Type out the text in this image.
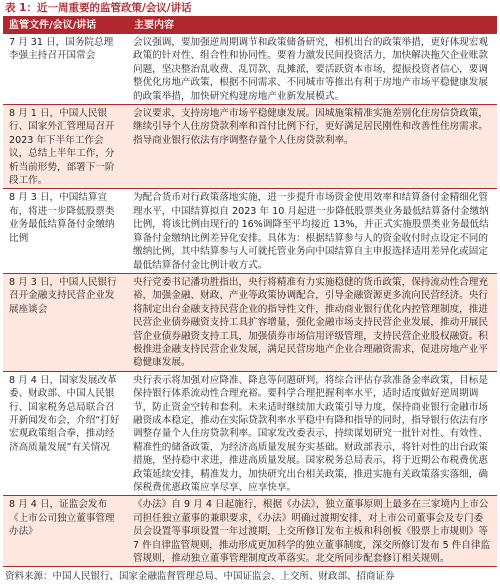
表 1：近一周重要的监管政策/会议/讲话
监管文件/会议/讲话	主要内容
7 月 31 日，国务院总理李强主持召开国常会	会议强调，要加强逆周期调节和政策储备研究，相机出台的政策举措，更好体现宏观政策的针对性、组合性和协同性。要着力激发民间投资活力，加快解决拖欠企业账款问题，坚决整治乱收费、乱罚款、乱摊派，要活跃资本市场，提振投资者信心，要调整优化房地产政策，根据不同需求、不同城市等推出有利于房地产市场平稳健康发展的政策举措，加快研究构建房地产业新发展模式。
8 月 1 日，中国人民银行、国家外汇管理局召开 2023 年下半年工作会议，总结上半年工作，分析当前形势，部署下一阶段工作。	会议要求，支持房地产市场平稳健康发展。因城施策精准实施差别化住房信贷政策，继续引导个人住房贷款利率和首付比例下行，更好满足居民刚性和改善性住房需求。指导商业银行依法有序调整存量个人住房贷款利率。
8 月 3 日，中国结算宣布，将进一步降低股票类业务最低结算备付金缴纳比例	为配合货币对行政策落地实施，进一步提升市场资金使用效率和结算备付金精细化管理水平，中国结算拟自 2023 年 10 月起进一步降低股票类业务最低结算备付金缴纳比例，将该比例由现行的 16%调降至平均接近 13%，并正式实施股票类业务最低结算备付金缴纳比例差异化安排。具体为：根据结算参与人的资金收付时点设定不同的缴纳比例，其中结算参与人可就托管业务向中国结算自主申报选择适用差异化或固定最低结算备付金比例计收方式。
8 月 3 日，中国人民银行召开金融支持民营企业发展座谈会	央行党委书记潘功胜指出，央行将精准有力实施稳健的货币政策，保持流动性合理充裕，加强金融、财政、产业等政策协调配合，引导金融资源更多流向民营经济。央行将制定出台金融支持民营企业的指导性文件，推动商业银行优化内控管理制度，推进民营企业债券融资支持工具扩容增量，强化金融市场支持民营企业发展，推动开展民营企业债券融资支持工具，加强债券市场信用评级管理，支持民营企业股权融资。积极推进金融支持民营企业发展，满足民营房地产企业合理融资需求，促进房地产业平稳健康发展。
8 月 4 日，国家发展改革委、财政部、中国人民银行、国家税务总局联合召开新闻发布会，介绍“打好宏观政策组合拳，推动经济高质量发展”有关情况	央行表示将加强对应降准、降息等问题研判，将综合评估存款准备金率政策，目标是保持银行体系流动性合理充裕。要科学合理把握利率水平，适时适度做好逆周期调节，防止资金空转和套利。未来适时继续加大政策引导力度，保持商业银行金融市场融资成本稳定，推动在实际贷款利率水平稳中有降和指导的同时，指导银行依法有序调整存量个人住房贷款利率。国家发改委表示，持续谋划研究一批针对性、有效性、精准性的储备政策，为经济高质量发展夯实基础。财政部表示，将针对性的出台政策措施，坚持稳中求进，推进高质量发展。国家税务总局表示，将于近期公布税费优惠政策延续安排，精准发力，加快研究出台相关政策，推进实施有关政策落实落细，确保税费优惠政策应享尽享、应享快享。
8 月 4 日，证监会发布《上市公司独立董事管理办法》	《办法》自 9 月 4 日起施行，根据《办法》，独立董事原则上最多在三家境内上市公司担任独立董事的兼职要求，《办法》明确过渡期安排，对上市公司董事会及专门委员会设置等事项设置一年过渡期，上交所修订发布主板和科创板《股票上市规则》等 7 件自律监管规则，推动形成更加科学的独立董事制度，深交所修订发布 5 件自律监管规则，推动独立董事管理制度改革落实。北交所同步配套修订相关规则。
资料来源：中国人民银行、国家金融监督管理总局、中国证监会、上交所、财政部、招商证券
